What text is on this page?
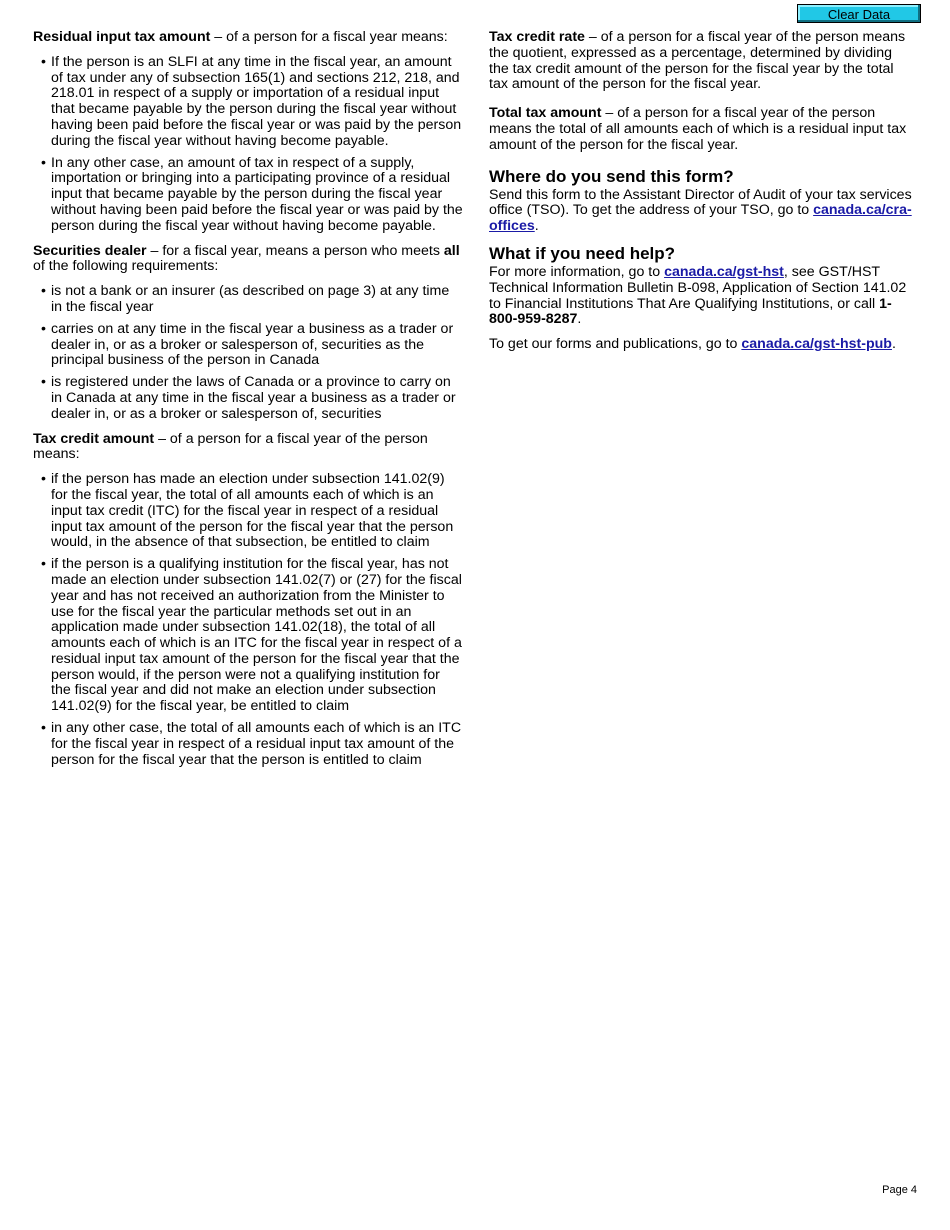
Clear Data

Residual input tax amount – of a person for a fiscal year means:

• If the person is an SLFI at any time in the fiscal year, an amount of tax under any of subsection 165(1) and sections 212, 218, and 218.01 in respect of a supply or importation of a residual input that became payable by the person during the fiscal year without having been paid before the fiscal year or was paid by the person during the fiscal year without having become payable.
• In any other case, an amount of tax in respect of a supply, importation or bringing into a participating province of a residual input that became payable by the person during the fiscal year without having been paid before the fiscal year or was paid by the person during the fiscal year without having become payable.

Securities dealer – for a fiscal year, means a person who meets all of the following requirements:

• is not a bank or an insurer (as described on page 3) at any time in the fiscal year
• carries on at any time in the fiscal year a business as a trader or dealer in, or as a broker or salesperson of, securities as the principal business of the person in Canada
• is registered under the laws of Canada or a province to carry on in Canada at any time in the fiscal year a business as a trader or dealer in, or as a broker or salesperson of, securities

Tax credit amount – of a person for a fiscal year of the person means:

• if the person has made an election under subsection 141.02(9) for the fiscal year, the total of all amounts each of which is an input tax credit (ITC) for the fiscal year in respect of a residual input tax amount of the person for the fiscal year that the person would, in the absence of that subsection, be entitled to claim
• if the person is a qualifying institution for the fiscal year, has not made an election under subsection 141.02(7) or (27) for the fiscal year and has not received an authorization from the Minister to use for the fiscal year the particular methods set out in an application made under subsection 141.02(18), the total of all amounts each of which is an ITC for the fiscal year in respect of a residual input tax amount of the person for the fiscal year that the person would, if the person were not a qualifying institution for the fiscal year and did not make an election under subsection 141.02(9) for the fiscal year, be entitled to claim
• in any other case, the total of all amounts each of which is an ITC for the fiscal year in respect of a residual input tax amount of the person for the fiscal year that the person is entitled to claim

Tax credit rate – of a person for a fiscal year of the person means the quotient, expressed as a percentage, determined by dividing the tax credit amount of the person for the fiscal year by the total tax amount of the person for the fiscal year.

Total tax amount – of a person for a fiscal year of the person means the total of all amounts each of which is a residual input tax amount of the person for the fiscal year.

Where do you send this form?

Send this form to the Assistant Director of Audit of your tax services office (TSO). To get the address of your TSO, go to canada.ca/cra-offices.

What if you need help?

For more information, go to canada.ca/gst-hst, see GST/HST Technical Information Bulletin B-098, Application of Section 141.02 to Financial Institutions That Are Qualifying Institutions, or call 1-800-959-8287.

To get our forms and publications, go to canada.ca/gst-hst-pub.

Page 4
